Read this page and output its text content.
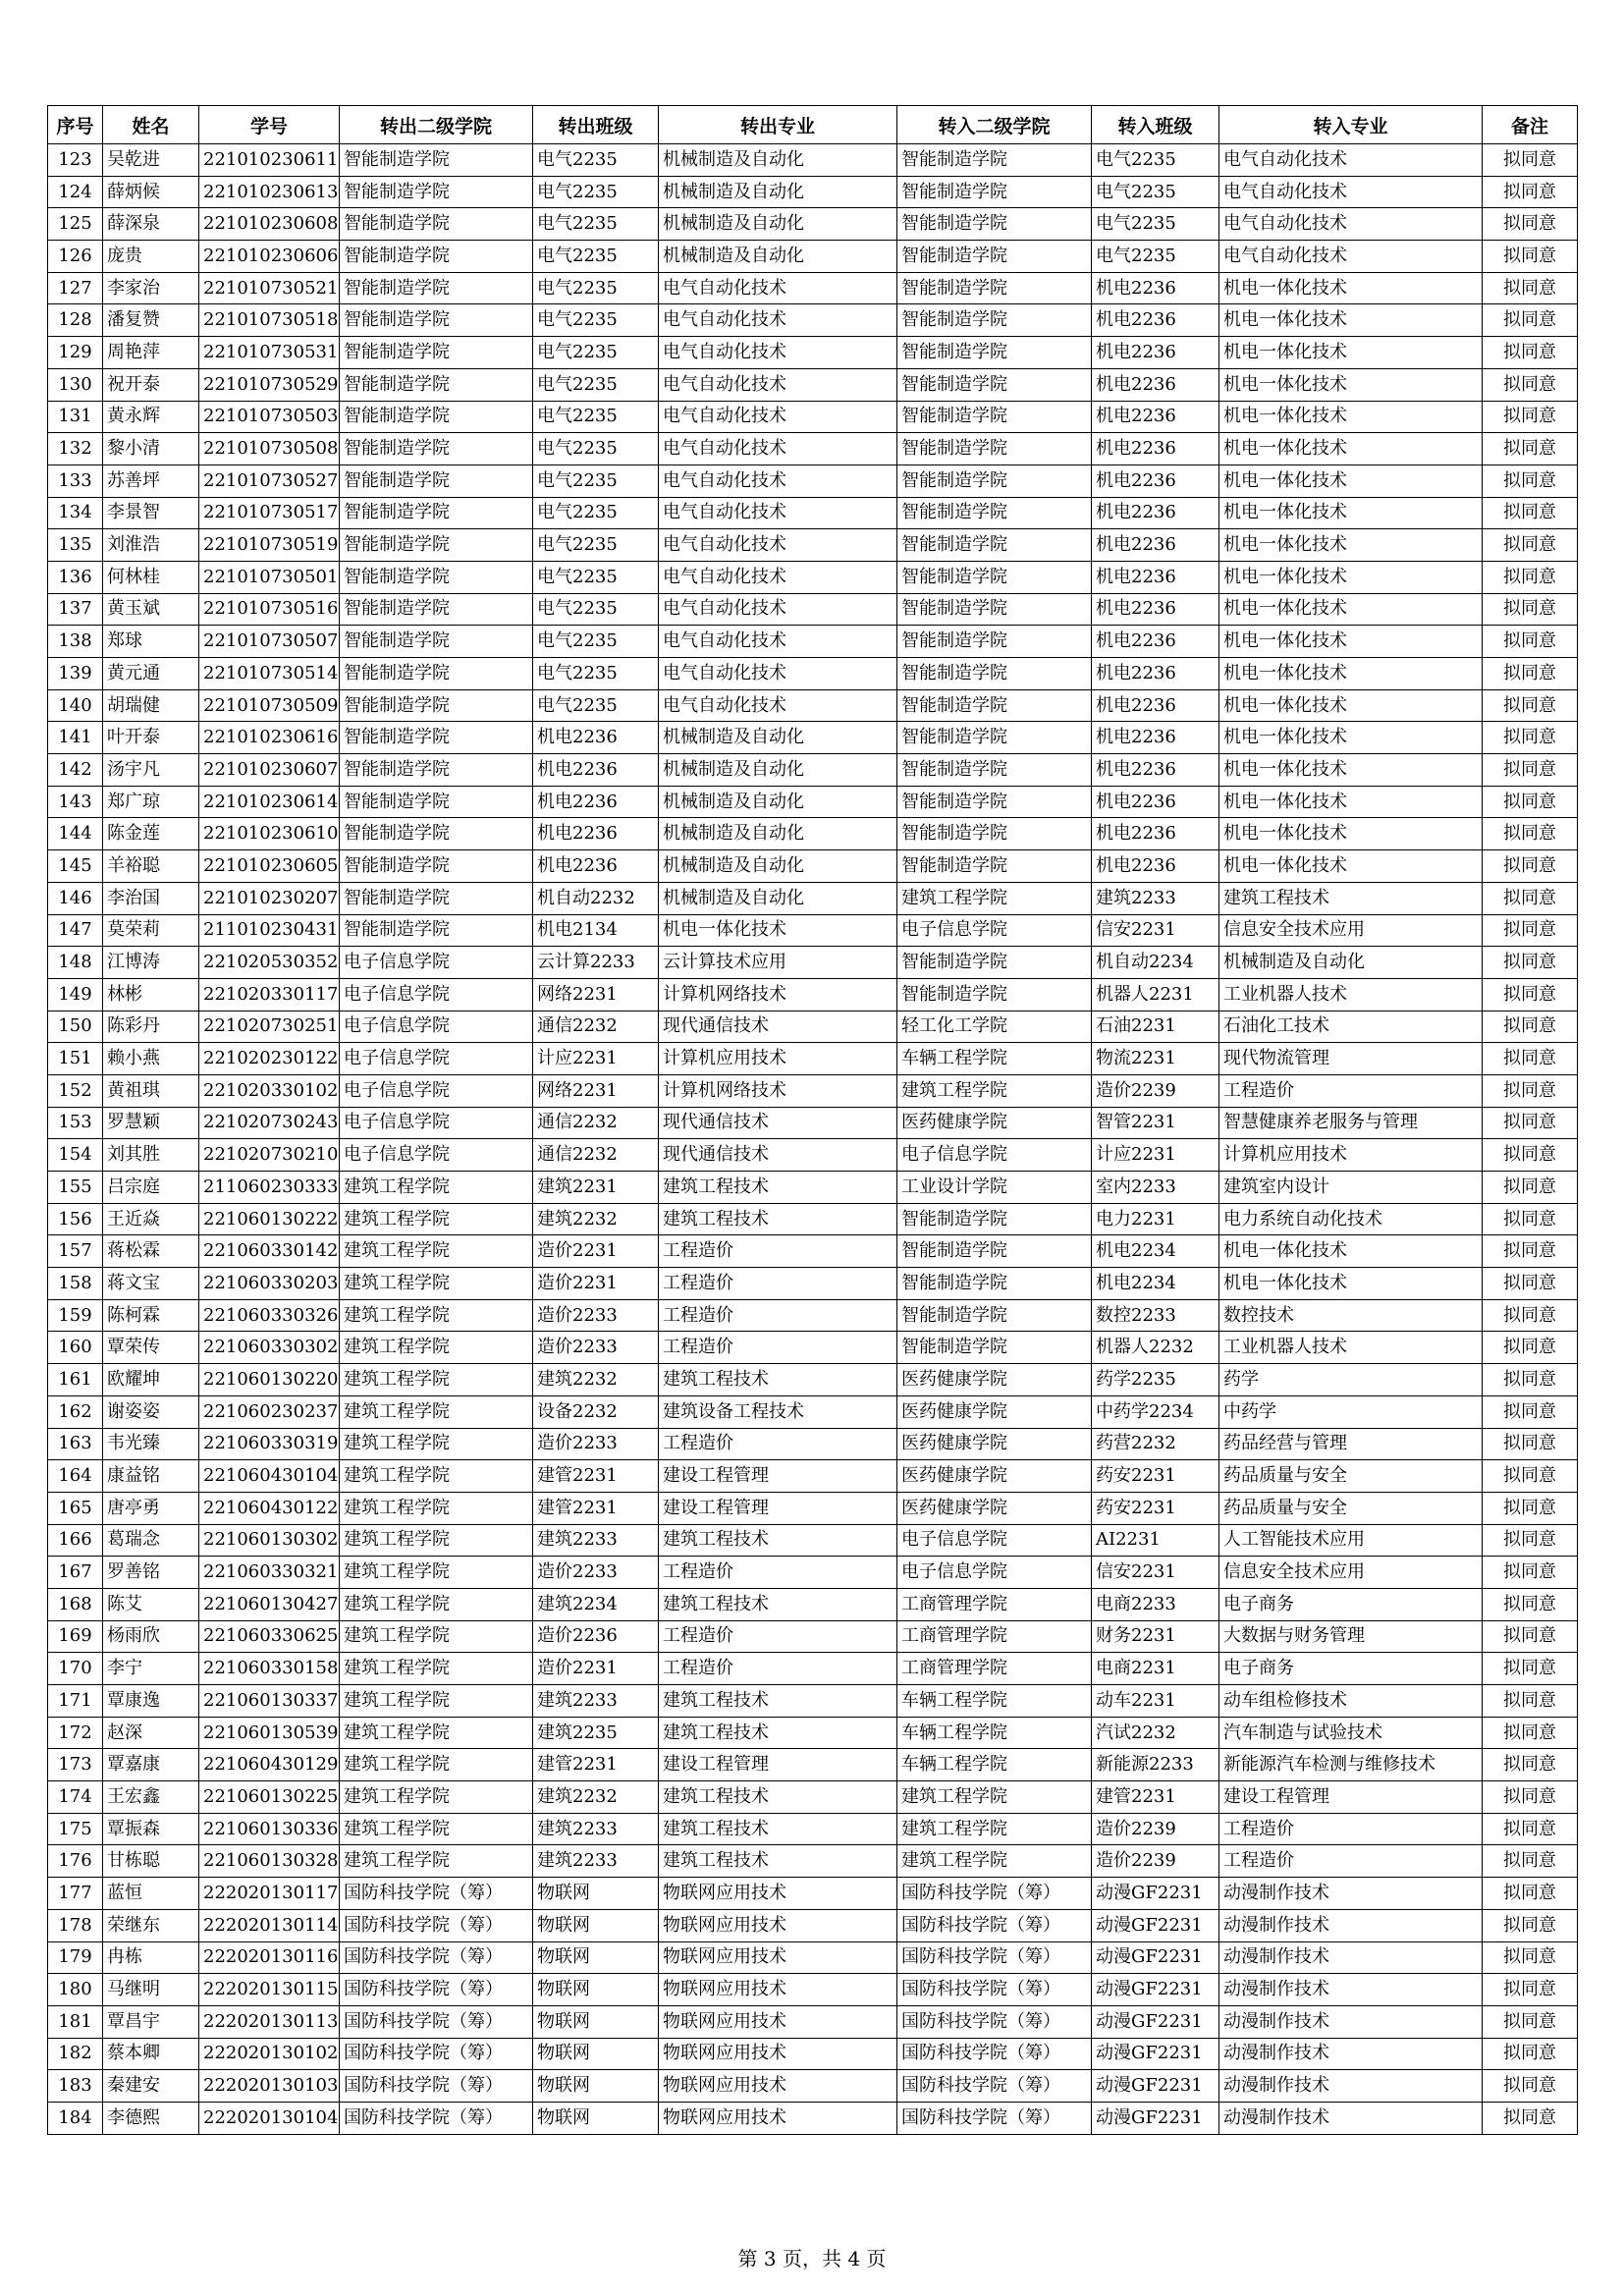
序号	姓名	学号	转出二级学院	转出班级	转出专业	转入二级学院	转入班级	转入专业	备注
123	吴乾进	221010230611	智能制造学院	电气2235	机械制造及自动化	智能制造学院	电气2235	电气自动化技术	拟同意
124	薛炳候	221010230613	智能制造学院	电气2235	机械制造及自动化	智能制造学院	电气2235	电气自动化技术	拟同意
125	薛深泉	221010230608	智能制造学院	电气2235	机械制造及自动化	智能制造学院	电气2235	电气自动化技术	拟同意
126	庞贵	221010230606	智能制造学院	电气2235	机械制造及自动化	智能制造学院	电气2235	电气自动化技术	拟同意
127	李家治	221010730521	智能制造学院	电气2235	电气自动化技术	智能制造学院	机电2236	机电一体化技术	拟同意
128	潘复赞	221010730518	智能制造学院	电气2235	电气自动化技术	智能制造学院	机电2236	机电一体化技术	拟同意
129	周艳萍	221010730531	智能制造学院	电气2235	电气自动化技术	智能制造学院	机电2236	机电一体化技术	拟同意
130	祝开泰	221010730529	智能制造学院	电气2235	电气自动化技术	智能制造学院	机电2236	机电一体化技术	拟同意
131	黄永辉	221010730503	智能制造学院	电气2235	电气自动化技术	智能制造学院	机电2236	机电一体化技术	拟同意
132	黎小清	221010730508	智能制造学院	电气2235	电气自动化技术	智能制造学院	机电2236	机电一体化技术	拟同意
133	苏善坪	221010730527	智能制造学院	电气2235	电气自动化技术	智能制造学院	机电2236	机电一体化技术	拟同意
134	李景智	221010730517	智能制造学院	电气2235	电气自动化技术	智能制造学院	机电2236	机电一体化技术	拟同意
135	刘淮浩	221010730519	智能制造学院	电气2235	电气自动化技术	智能制造学院	机电2236	机电一体化技术	拟同意
136	何林桂	221010730501	智能制造学院	电气2235	电气自动化技术	智能制造学院	机电2236	机电一体化技术	拟同意
137	黄玉斌	221010730516	智能制造学院	电气2235	电气自动化技术	智能制造学院	机电2236	机电一体化技术	拟同意
138	郑球	221010730507	智能制造学院	电气2235	电气自动化技术	智能制造学院	机电2236	机电一体化技术	拟同意
139	黄元通	221010730514	智能制造学院	电气2235	电气自动化技术	智能制造学院	机电2236	机电一体化技术	拟同意
140	胡瑞健	221010730509	智能制造学院	电气2235	电气自动化技术	智能制造学院	机电2236	机电一体化技术	拟同意
141	叶开泰	221010230616	智能制造学院	机电2236	机械制造及自动化	智能制造学院	机电2236	机电一体化技术	拟同意
142	汤宇凡	221010230607	智能制造学院	机电2236	机械制造及自动化	智能制造学院	机电2236	机电一体化技术	拟同意
143	郑广琼	221010230614	智能制造学院	机电2236	机械制造及自动化	智能制造学院	机电2236	机电一体化技术	拟同意
144	陈金莲	221010230610	智能制造学院	机电2236	机械制造及自动化	智能制造学院	机电2236	机电一体化技术	拟同意
145	羊裕聪	221010230605	智能制造学院	机电2236	机械制造及自动化	智能制造学院	机电2236	机电一体化技术	拟同意
146	李治国	221010230207	智能制造学院	机自动2232	机械制造及自动化	建筑工程学院	建筑2233	建筑工程技术	拟同意
147	莫荣莉	211010230431	智能制造学院	机电2134	机电一体化技术	电子信息学院	信安2231	信息安全技术应用	拟同意
148	江博涛	221020530352	电子信息学院	云计算2233	云计算技术应用	智能制造学院	机自动2234	机械制造及自动化	拟同意
149	林彬	221020330117	电子信息学院	网络2231	计算机网络技术	智能制造学院	机器人2231	工业机器人技术	拟同意
150	陈彩丹	221020730251	电子信息学院	通信2232	现代通信技术	轻工化工学院	石油2231	石油化工技术	拟同意
151	赖小燕	221020230122	电子信息学院	计应2231	计算机应用技术	车辆工程学院	物流2231	现代物流管理	拟同意
152	黄祖琪	221020330102	电子信息学院	网络2231	计算机网络技术	建筑工程学院	造价2239	工程造价	拟同意
153	罗慧颖	221020730243	电子信息学院	通信2232	现代通信技术	医药健康学院	智管2231	智慧健康养老服务与管理	拟同意
154	刘其胜	221020730210	电子信息学院	通信2232	现代通信技术	电子信息学院	计应2231	计算机应用技术	拟同意
155	吕宗庭	211060230333	建筑工程学院	建筑2231	建筑工程技术	工业设计学院	室内2233	建筑室内设计	拟同意
156	王近焱	221060130222	建筑工程学院	建筑2232	建筑工程技术	智能制造学院	电力2231	电力系统自动化技术	拟同意
157	蒋松霖	221060330142	建筑工程学院	造价2231	工程造价	智能制造学院	机电2234	机电一体化技术	拟同意
158	蒋文宝	221060330203	建筑工程学院	造价2231	工程造价	智能制造学院	机电2234	机电一体化技术	拟同意
159	陈柯霖	221060330326	建筑工程学院	造价2233	工程造价	智能制造学院	数控2233	数控技术	拟同意
160	覃荣传	221060330302	建筑工程学院	造价2233	工程造价	智能制造学院	机器人2232	工业机器人技术	拟同意
161	欧耀坤	221060130220	建筑工程学院	建筑2232	建筑工程技术	医药健康学院	药学2235	药学	拟同意
162	谢姿姿	221060230237	建筑工程学院	设备2232	建筑设备工程技术	医药健康学院	中药学2234	中药学	拟同意
163	韦光臻	221060330319	建筑工程学院	造价2233	工程造价	医药健康学院	药营2232	药品经营与管理	拟同意
164	康益铭	221060430104	建筑工程学院	建管2231	建设工程管理	医药健康学院	药安2231	药品质量与安全	拟同意
165	唐亭勇	221060430122	建筑工程学院	建管2231	建设工程管理	医药健康学院	药安2231	药品质量与安全	拟同意
166	葛瑞念	221060130302	建筑工程学院	建筑2233	建筑工程技术	电子信息学院	AI2231	人工智能技术应用	拟同意
167	罗善铭	221060330321	建筑工程学院	造价2233	工程造价	电子信息学院	信安2231	信息安全技术应用	拟同意
168	陈艾	221060130427	建筑工程学院	建筑2234	建筑工程技术	工商管理学院	电商2233	电子商务	拟同意
169	杨雨欣	221060330625	建筑工程学院	造价2236	工程造价	工商管理学院	财务2231	大数据与财务管理	拟同意
170	李宁	221060330158	建筑工程学院	造价2231	工程造价	工商管理学院	电商2231	电子商务	拟同意
171	覃康逸	221060130337	建筑工程学院	建筑2233	建筑工程技术	车辆工程学院	动车2231	动车组检修技术	拟同意
172	赵深	221060130539	建筑工程学院	建筑2235	建筑工程技术	车辆工程学院	汽试2232	汽车制造与试验技术	拟同意
173	覃嘉康	221060430129	建筑工程学院	建管2231	建设工程管理	车辆工程学院	新能源2233	新能源汽车检测与维修技术	拟同意
174	王宏鑫	221060130225	建筑工程学院	建筑2232	建筑工程技术	建筑工程学院	建管2231	建设工程管理	拟同意
175	覃振森	221060130336	建筑工程学院	建筑2233	建筑工程技术	建筑工程学院	造价2239	工程造价	拟同意
176	甘栋聪	221060130328	建筑工程学院	建筑2233	建筑工程技术	建筑工程学院	造价2239	工程造价	拟同意
177	蓝恒	222020130117	国防科技学院（筹）	物联网	物联网应用技术	国防科技学院（筹）	动漫GF2231	动漫制作技术	拟同意
178	荣继东	222020130114	国防科技学院（筹）	物联网	物联网应用技术	国防科技学院（筹）	动漫GF2231	动漫制作技术	拟同意
179	冉栋	222020130116	国防科技学院（筹）	物联网	物联网应用技术	国防科技学院（筹）	动漫GF2231	动漫制作技术	拟同意
180	马继明	222020130115	国防科技学院（筹）	物联网	物联网应用技术	国防科技学院（筹）	动漫GF2231	动漫制作技术	拟同意
181	覃昌宇	222020130113	国防科技学院（筹）	物联网	物联网应用技术	国防科技学院（筹）	动漫GF2231	动漫制作技术	拟同意
182	蔡本卿	222020130102	国防科技学院（筹）	物联网	物联网应用技术	国防科技学院（筹）	动漫GF2231	动漫制作技术	拟同意
183	秦建安	222020130103	国防科技学院（筹）	物联网	物联网应用技术	国防科技学院（筹）	动漫GF2231	动漫制作技术	拟同意
184	李德熙	222020130104	国防科技学院（筹）	物联网	物联网应用技术	国防科技学院（筹）	动漫GF2231	动漫制作技术	拟同意
第 3 页，共 4 页
